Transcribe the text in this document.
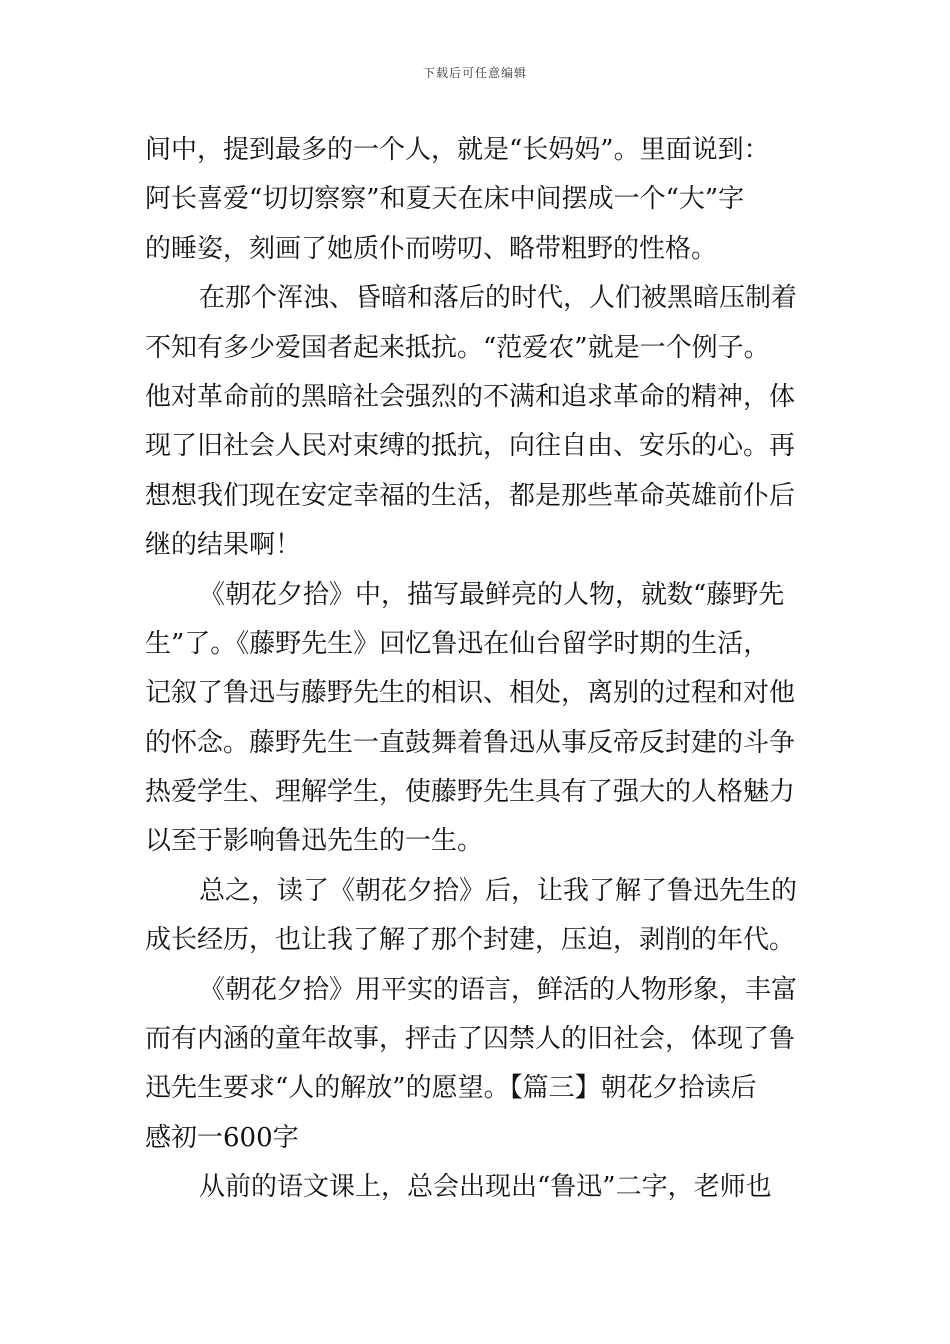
下载后可任意编辑
间中，提到最多的一个人，就是“长妈妈”。里面说到：
阿长喜爱“切切察察”和夏天在床中间摆成一个“大”字
的睡姿，刻画了她质仆而唠叨、略带粗野的性格。
在那个浑浊、昏暗和落后的时代，人们被黑暗压制着
不知有多少爱国者起来抵抗。“范爱农”就是一个例子。
他对革命前的黑暗社会强烈的不满和追求革命的精神，体
现了旧社会人民对束缚的抵抗，向往自由、安乐的心。再
想想我们现在安定幸福的生活，都是那些革命英雄前仆后
继的结果啊！
《朝花夕拾》中，描写最鲜亮的人物，就数“藤野先
生”了。《藤野先生》回忆鲁迅在仙台留学时期的生活，
记叙了鲁迅与藤野先生的相识、相处，离别的过程和对他
的怀念。藤野先生一直鼓舞着鲁迅从事反帝反封建的斗争
热爱学生、理解学生，使藤野先生具有了强大的人格魅力
以至于影响鲁迅先生的一生。
总之，读了《朝花夕拾》后，让我了解了鲁迅先生的
成长经历，也让我了解了那个封建，压迫，剥削的年代。
《朝花夕拾》用平实的语言，鲜活的人物形象，丰富
而有内涵的童年故事，抨击了囚禁人的旧社会，体现了鲁
迅先生要求“人的解放”的愿望。【篇三】朝花夕拾读后
感初一600字
从前的语文课上，总会出现出“鲁迅”二字，老师也
